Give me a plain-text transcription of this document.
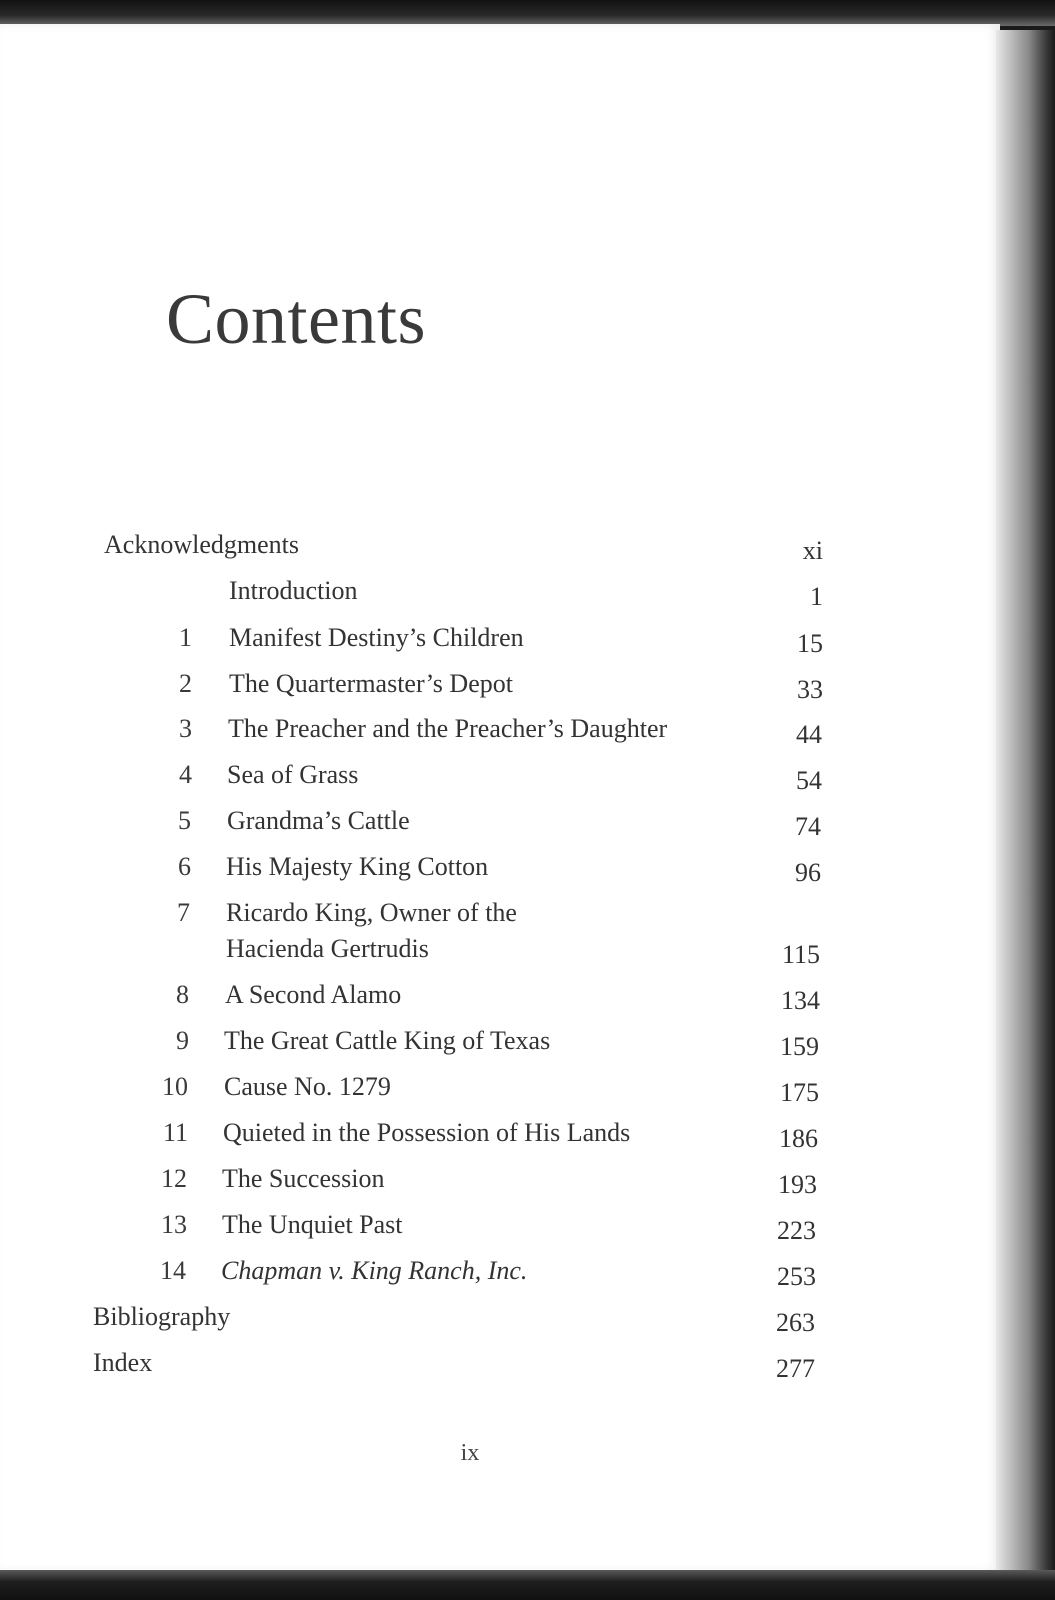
Contents
Acknowledgments	xi
Introduction	1
1 Manifest Destiny’s Children	15
2 The Quartermaster’s Depot	33
3 The Preacher and the Preacher’s Daughter	44
4 Sea of Grass	54
5 Grandma’s Cattle	74
6 His Majesty King Cotton	96
7 Ricardo King, Owner of the
Hacienda Gertrudis	115
8 A Second Alamo	134
9 The Great Cattle King of Texas	159
10 Cause No. 1279	175
11 Quieted in the Possession of His Lands	186
12 The Succession	193
13 The Unquiet Past	223
14 Chapman v. King Ranch, Inc.	253
Bibliography	263
Index	277
ix
